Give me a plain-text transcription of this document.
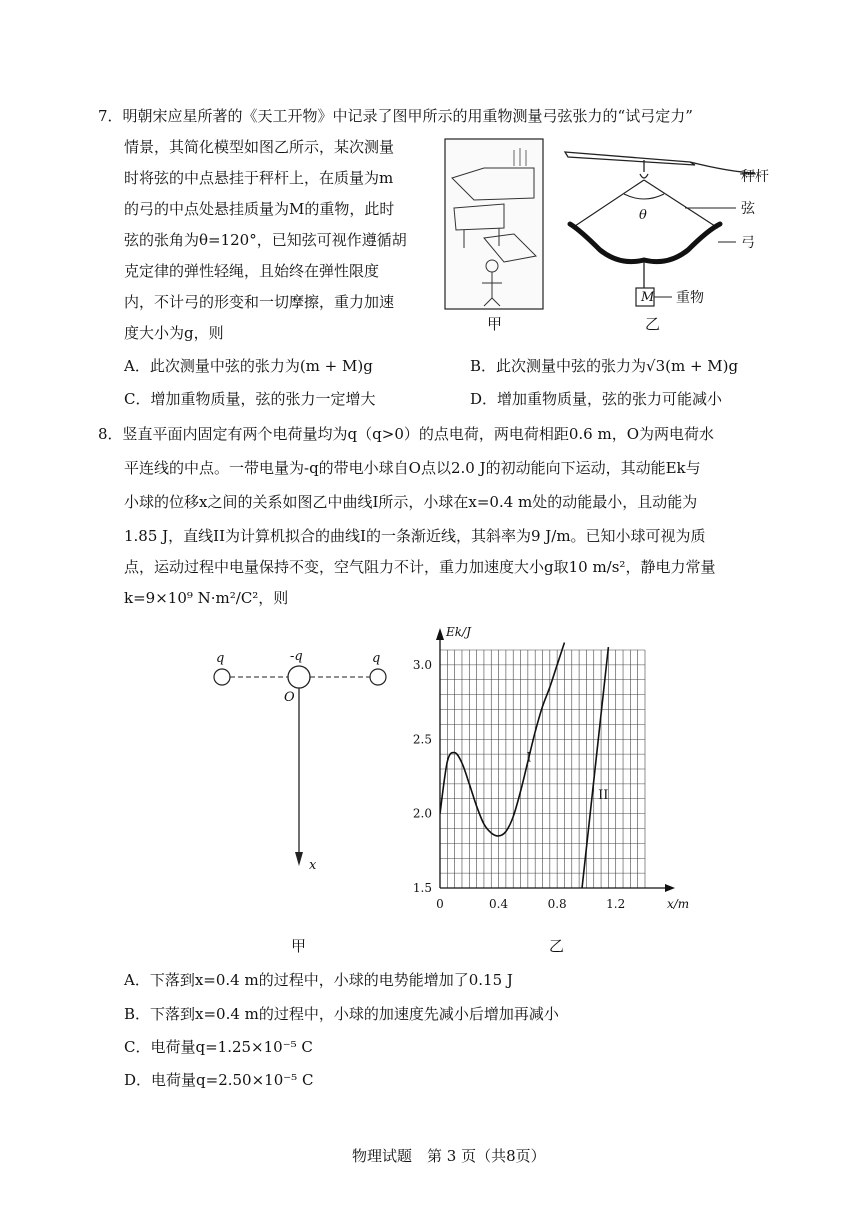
7．明朝宋应星所著的《天工开物》中记录了图甲所示的用重物测量弓弦张力的“试弓定力”
情景，其简化模型如图乙所示，某次测量
时将弦的中点悬挂于秤杆上，在质量为m
的弓的中点处悬挂质量为M的重物，此时
弦的张角为θ=120°，已知弦可视作遵循胡
克定律的弹性轻绳，且始终在弹性限度
内，不计弓的形变和一切摩擦，重力加速
度大小为g，则	甲
秤杆
弦
弓
重物
M
θ
乙
A．此次测量中弦的张力为(m + M)g	B．此次测量中弦的张力为√3(m + M)g
C．增加重物质量，弦的张力一定增大	D．增加重物质量，弦的张力可能减小
8．竖直平面内固定有两个电荷量均为q（q>0）的点电荷，两电荷相距0.6 m，O为两电荷水
平连线的中点。一带电量为-q的带电小球自O点以2.0 J的初动能向下运动，其动能Ek与
小球的位移x之间的关系如图乙中曲线I所示，小球在x=0.4 m处的动能最小，且动能为
1.85 J，直线II为计算机拟合的曲线I的一条渐近线，其斜率为9 J/m。已知小球可视为质
点，运动过程中电量保持不变，空气阻力不计，重力加速度大小g取10 m/s²，静电力常量
k=9×10⁹ N·m²/C²，则
q	-q	q
O
x
甲
0	0.4	0.8	1.2
1.5
2.0
2.5
3.0
x/m
Ek/J
I
II
乙
A．下落到x=0.4 m的过程中，小球的电势能增加了0.15 J
B．下落到x=0.4 m的过程中，小球的加速度先减小后增加再减小
C．电荷量q=1.25×10⁻⁵ C
D．电荷量q=2.50×10⁻⁵ C
物理试题　第 3 页（共8页）
